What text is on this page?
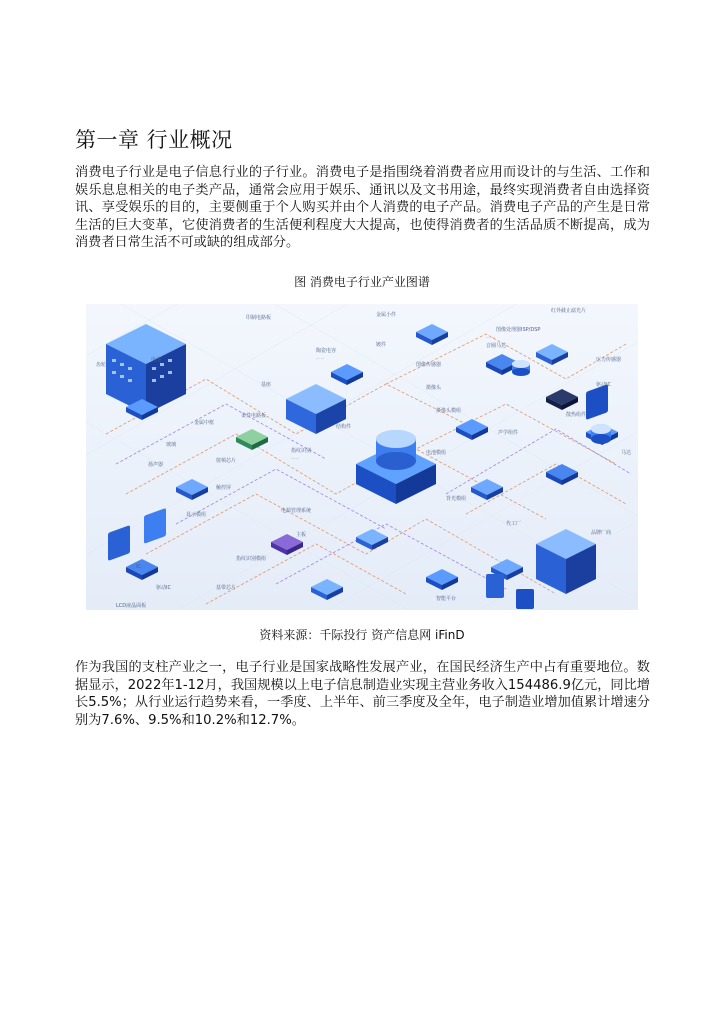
第一章 行业概况

消费电子行业是电子信息行业的子行业。消费电子是指围绕着消费者应用而设计的与生活、工作和娱乐息息相关的电子类产品，通常会应用于娱乐、通讯以及文书用途，最终实现消费者自由选择资讯、享受娱乐的目的，主要侧重于个人购买并由个人消费的电子产品。消费电子产品的产生是日常生活的巨大变革，它使消费者的生活便利程度大大提高，也使得消费者的生活品质不断提高，成为消费者日常生活不可或缺的组成部分。

图 消费电子行业产业图谱

印制电路板	金属小件
红外截止滤光片
图像处理器ISP/DSP
镀件
电池
齿轮
摄像头
音圈马达
压力传感器
图像传感器
驱动IC
柔性电路板
陶瓷电容
基座
结构件
摄像头模组
金属中框
玻璃
指纹识别
声学组件
马达
散热组件
显示模组
触控屏
扬声器
射频芯片
电池模组
电源管理系统
主板	品牌厂商
背光模组
驱动IC
指纹识别模组
基带芯片
智能平台
LCD液晶面板
代工厂
IC
·······
·······
········
·······

资料来源：千际投行 资产信息网 iFinD

作为我国的支柱产业之一，电子行业是国家战略性发展产业，在国民经济生产中占有重要地位。数据显示，2022年1-12月，我国规模以上电子信息制造业实现主营业务收入154486.9亿元，同比增长5.5%；从行业运行趋势来看，一季度、上半年、前三季度及全年，电子制造业增加值累计增速分别为7.6%、9.5%和10.2%和12.7%。
